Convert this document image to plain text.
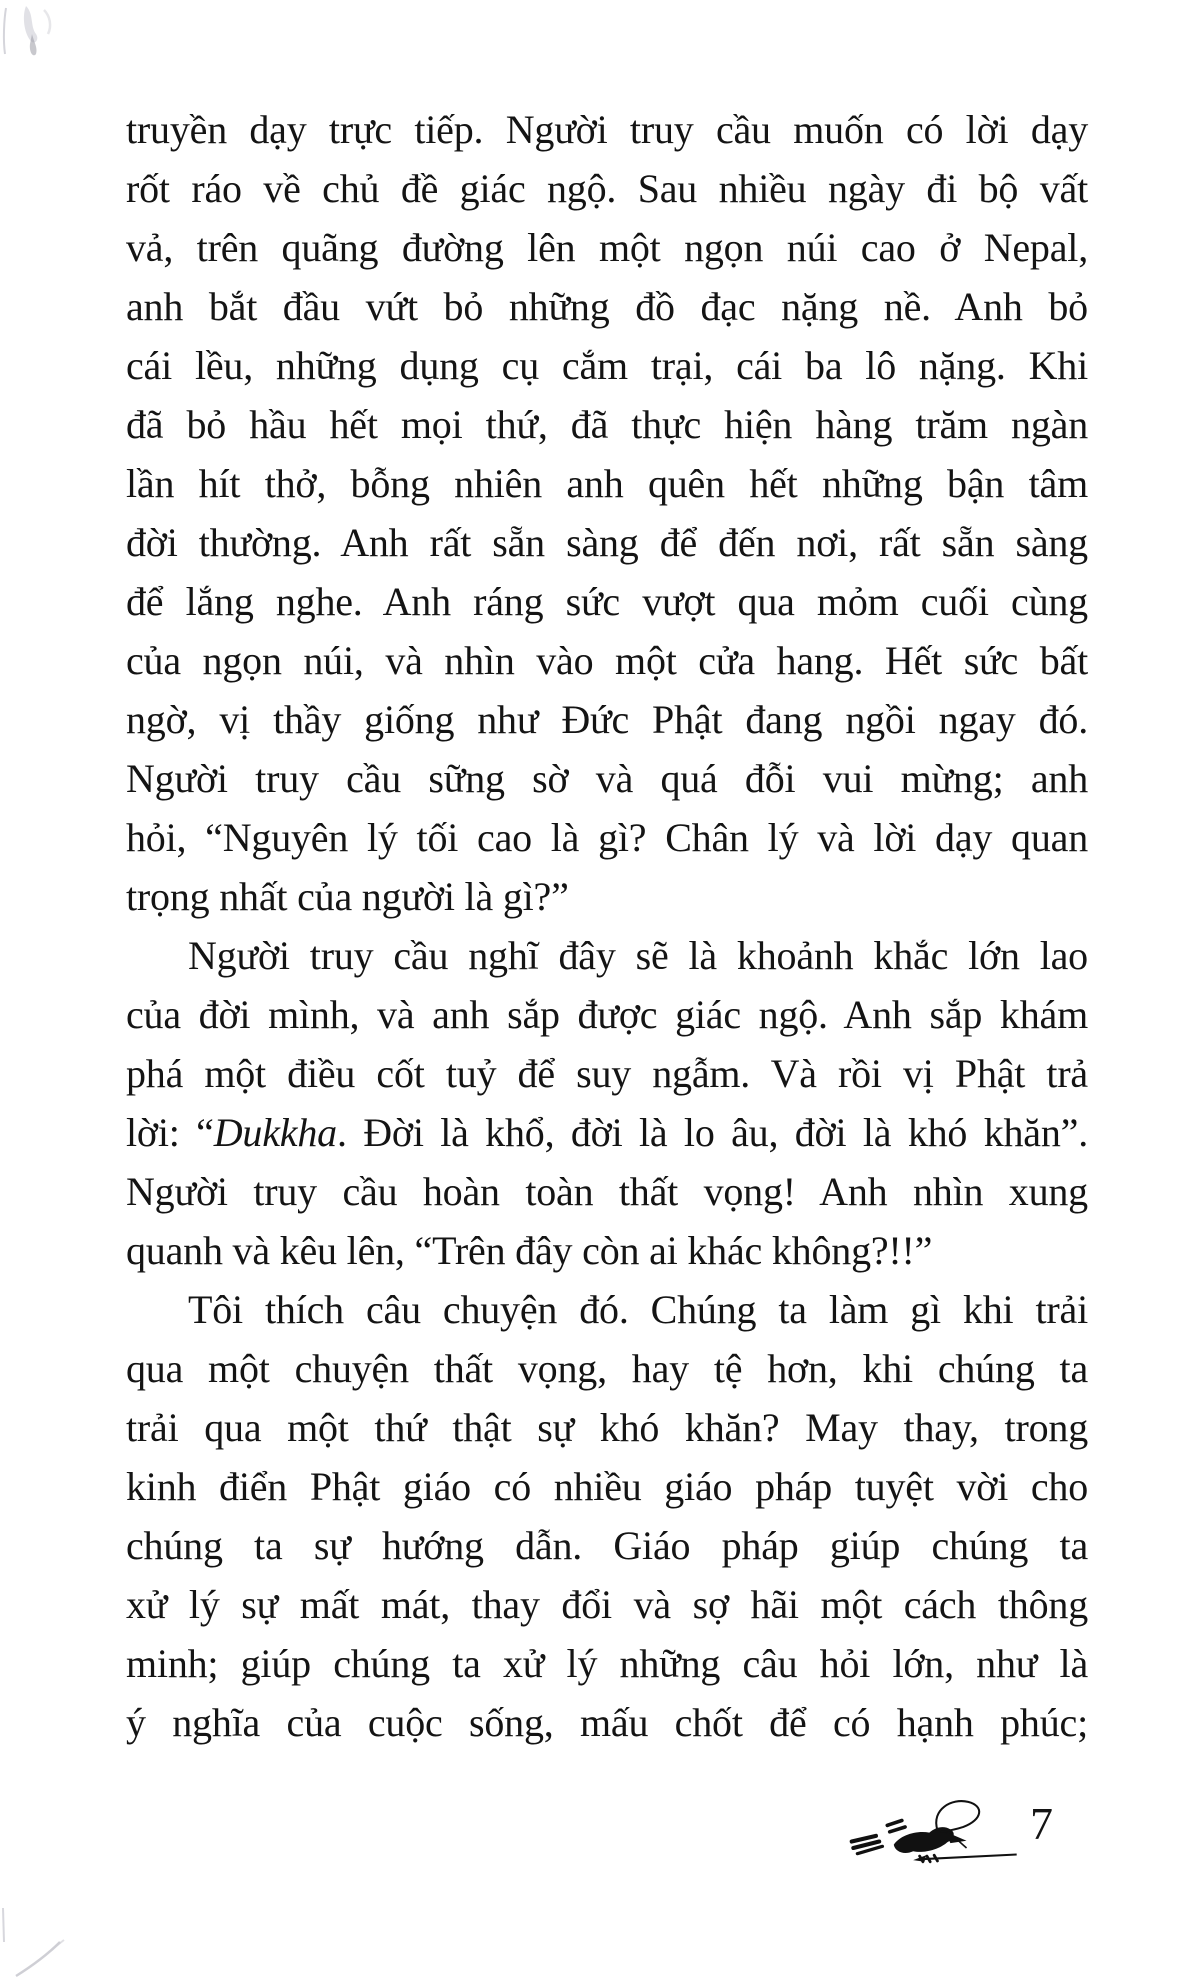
truyền dạy trực tiếp. Người truy cầu muốn có lời dạy
rốt ráo về chủ đề giác ngộ. Sau nhiều ngày đi bộ vất
vả, trên quãng đường lên một ngọn núi cao ở Nepal,
anh bắt đầu vứt bỏ những đồ đạc nặng nề. Anh bỏ
cái lều, những dụng cụ cắm trại, cái ba lô nặng. Khi
đã bỏ hầu hết mọi thứ, đã thực hiện hàng trăm ngàn
lần hít thở, bỗng nhiên anh quên hết những bận tâm
đời thường. Anh rất sẵn sàng để đến nơi, rất sẵn sàng
để lắng nghe. Anh ráng sức vượt qua mỏm cuối cùng
của ngọn núi, và nhìn vào một cửa hang. Hết sức bất
ngờ, vị thầy giống như Đức Phật đang ngồi ngay đó.
Người truy cầu sững sờ và quá đỗi vui mừng; anh
hỏi, “Nguyên lý tối cao là gì? Chân lý và lời dạy quan
trọng nhất của người là gì?”
Người truy cầu nghĩ đây sẽ là khoảnh khắc lớn lao
của đời mình, và anh sắp được giác ngộ. Anh sắp khám
phá một điều cốt tuỷ để suy ngẫm. Và rồi vị Phật trả
lời: “Dukkha. Đời là khổ, đời là lo âu, đời là khó khăn”.
Người truy cầu hoàn toàn thất vọng! Anh nhìn xung
quanh và kêu lên, “Trên đây còn ai khác không?!!”
Tôi thích câu chuyện đó. Chúng ta làm gì khi trải
qua một chuyện thất vọng, hay tệ hơn, khi chúng ta
trải qua một thứ thật sự khó khăn? May thay, trong
kinh điển Phật giáo có nhiều giáo pháp tuyệt vời cho
chúng ta sự hướng dẫn. Giáo pháp giúp chúng ta
xử lý sự mất mát, thay đổi và sợ hãi một cách thông
minh; giúp chúng ta xử lý những câu hỏi lớn, như là
ý nghĩa của cuộc sống, mấu chốt để có hạnh phúc;
7
